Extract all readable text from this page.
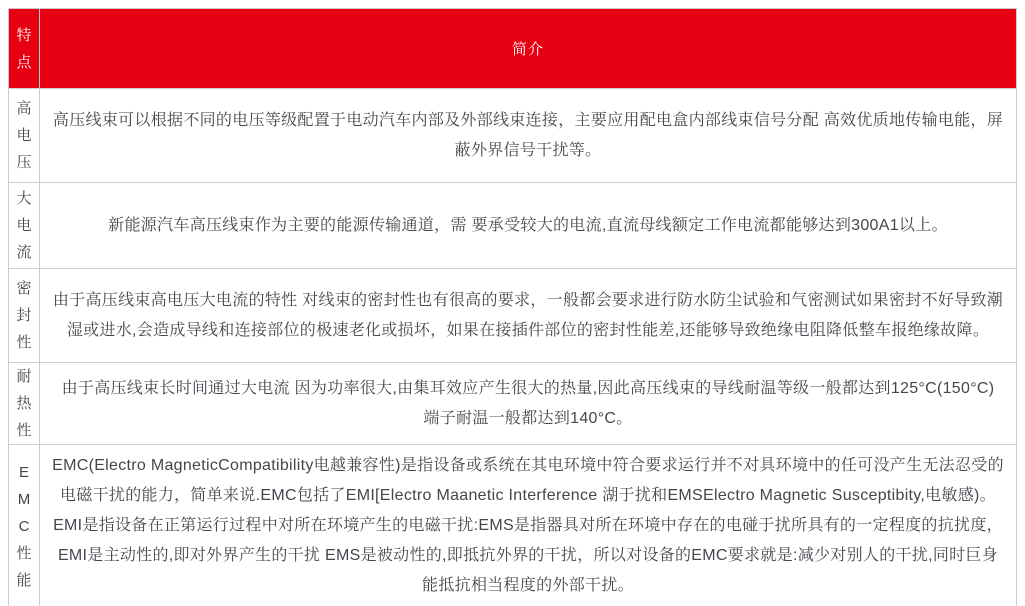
特点	简介

高电压	高压线束可以根据不同的电压等级配置于电动汽车内部及外部线束连接，主要应用配电盒内部线束信号分配 高效优质地传输电能，屏蔽外界信号干扰等。

大电流	新能源汽车高压线束作为主要的能源传输通道，需 要承受较大的电流,直流母线额定工作电流都能够达到300A1以上。

密封性	由于高压线束高电压大电流的特性 对线束的密封性也有很高的要求，一般都会要求进行防水防尘试验和气密测试如果密封不好导致潮湿或进水,会造成导线和连接部位的极速老化或损坏，如果在接插件部位的密封性能差,还能够导致绝缘电阻降低整车报绝缘故障。

耐热性	由于高压线束长时间通过大电流 因为功率很大,由集耳效应产生很大的热量,因此高压线束的导线耐温等级一般都达到125°C(150°C) 端子耐温一般都达到140°C。

EMC性能	EMC(Electro MagneticCompatibility电越兼容性)是指设备或系统在其电环境中符合要求运行并不对具环境中的任可没产生无法忍受的电磁干扰的能力，简单来说.EMC包括了EMI[Electro Maanetic Interference 湖于扰和EMSElectro Magnetic Susceptibity,电敏感)。EMI是指设备在正第运行过程中对所在环境产生的电磁干扰:EMS是指器具对所在环境中存在的电碰于扰所具有的一定程度的抗扰度，EMI是主动性的,即对外界产生的干扰 EMS是被动性的,即抵抗外界的干扰，所以对设备的EMC要求就是:减少对别人的干扰,同时巨身能抵抗相当程度的外部干扰。
